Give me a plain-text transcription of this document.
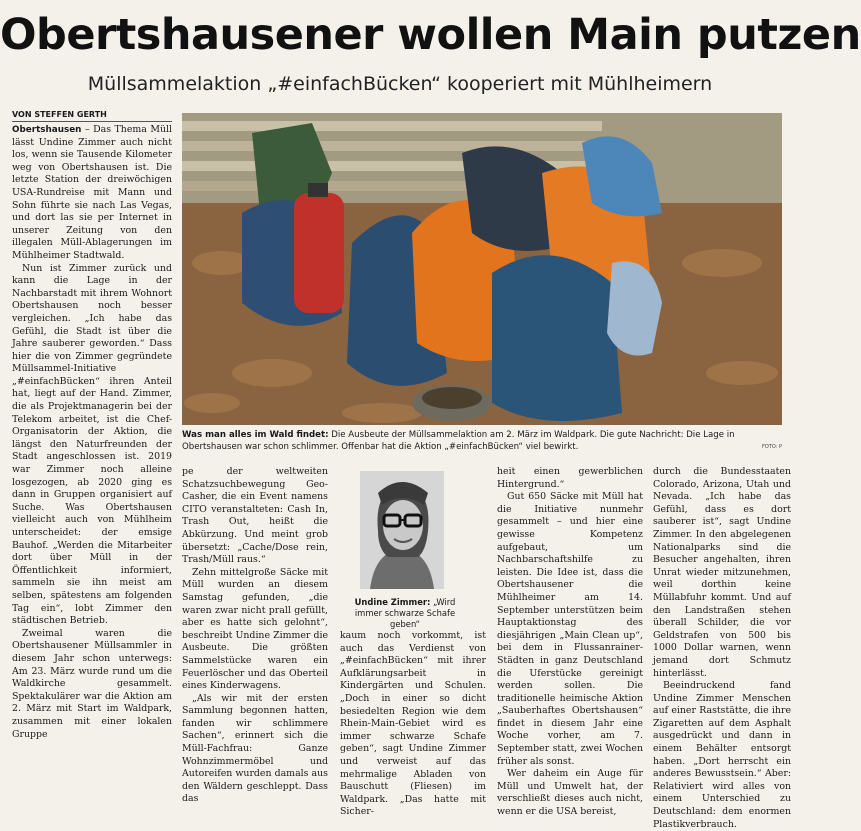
Obertshausener wollen Main putzen
Müllsammelaktion „#einfachBücken“ kooperiert mit Mühlheimern
VON STEFFEN GERTH

Obertshausen – Das Thema Müll lässt Undine Zimmer auch nicht los, wenn sie Tausende Kilometer weg von Obertshausen ist. Die letzte Station der dreiwöchigen USA-Rundreise mit Mann und Sohn führte sie nach Las Vegas, und dort las sie per Internet in unserer Zeitung von den illegalen Müll-Ablagerungen im Mühlheimer Stadtwald.

Nun ist Zimmer zurück und kann die Lage in der Nachbarstadt mit ihrem Wohnort Obertshausen noch besser vergleichen. „Ich habe das Gefühl, die Stadt ist über die Jahre sauberer geworden.“ Dass hier die von Zimmer gegründete Müllsammel-Initiative „#einfachBücken“ ihren Anteil hat, liegt auf der Hand. Zimmer, die als Projektmanagerin bei der Telekom arbeitet, ist die Chef-Organisatorin der Aktion, die längst den Naturfreunden der Stadt angeschlossen ist. 2019 war Zimmer noch alleine losgezogen, ab 2020 ging es dann in Gruppen organisiert auf Suche. Was Obertshausen vielleicht auch von Mühlheim unterscheidet: der emsige Bauhof. „Werden die Mitarbeiter dort über Müll in der Öffentlichkeit informiert, sammeln sie ihn meist am selben, spätestens am folgenden Tag ein“, lobt Zimmer den städtischen Betrieb.

Zweimal waren die Obertshausener Müllsammler in diesem Jahr schon unterwegs: Am 23. März wurde rund um die Waldkirche gesammelt. Spektakulärer war die Aktion am 2. März mit Start im Waldpark, zusammen mit einer lokalen Gruppe

pe der weltweiten Schatzsuchbewegung Geo-Casher, die ein Event namens CITO veranstalteten: Cash In, Trash Out, heißt die Abkürzung. Und meint grob übersetzt: „Cache/Dose rein, Trash/Müll raus.“

Zehn mittelgroße Säcke mit Müll wurden an diesem Samstag gefunden, „die waren zwar nicht prall gefüllt, aber es hatte sich gelohnt“, beschreibt Undine Zimmer die Ausbeute. Die größten Sammelstücke waren ein Feuerlöscher und das Oberteil eines Kinderwagens.

„Als wir mit der ersten Sammlung begonnen hatten, fanden wir schlimmere Sachen“, erinnert sich die Müll-Fachfrau: Ganze Wohnzimmermöbel und Autoreifen wurden damals aus den Wäldern geschleppt. Dass das

kaum noch vorkommt, ist auch das Verdienst von „#einfachBücken“ mit ihrer Aufklärungsarbeit in Kindergärten und Schulen. „Doch in einer so dicht besiedelten Region wie dem Rhein-Main-Gebiet wird es immer schwarze Schafe geben“, sagt Undine Zimmer und verweist auf das mehrmalige Abladen von Bauschutt (Fliesen) im Waldpark. „Das hatte mit Sicher-

heit einen gewerblichen Hintergrund.“

Gut 650 Säcke mit Müll hat die Initiative nunmehr gesammelt – und hier eine gewisse Kompetenz aufgebaut, um Nachbarschaftshilfe zu leisten. Die Idee ist, dass die Obertshausener die Mühlheimer am 14. September unterstützen beim Hauptaktionstag des diesjährigen „Main Clean up“, bei dem in Flussanrainer-Städten in ganz Deutschland die Uferstücke gereinigt werden sollen. Die traditionelle heimische Aktion „Sauberhaftes Obertshausen“ findet in diesem Jahr eine Woche vorher, am 7. September statt, zwei Wochen früher als sonst.

Wer daheim ein Auge für Müll und Umwelt hat, der verschließt dieses auch nicht, wenn er die USA bereist,

durch die Bundesstaaten Colorado, Arizona, Utah und Nevada. „Ich habe das Gefühl, dass es dort sauberer ist“, sagt Undine Zimmer. In den abgelegenen Nationalparks sind die Besucher angehalten, ihren Unrat wieder mitzunehmen, weil dorthin keine Müllabfuhr kommt. Und auf den Landstraßen stehen überall Schilder, die vor Geldstrafen von 500 bis 1000 Dollar warnen, wenn jemand dort Schmutz hinterlässt.

Beeindruckend fand Undine Zimmer Menschen auf einer Raststätte, die ihre Zigaretten auf dem Asphalt ausgedrückt und dann in einem Behälter entsorgt haben. „Dort herrscht ein anderes Bewusstsein.“ Aber: Relativiert wird alles von einem Unterschied zu Deutschland: dem enormen Plastikverbrauch.

Was man alles im Wald findet: Die Ausbeute der Müllsammelaktion am 2. März im Waldpark. Die gute Nachricht: Die Lage in Obertshausen war schon schlimmer. Offenbar hat die Aktion „#einfachBücken“ viel bewirkt.	FOTO: P
Undine Zimmer: „Wird immer schwarze Schafe geben“
